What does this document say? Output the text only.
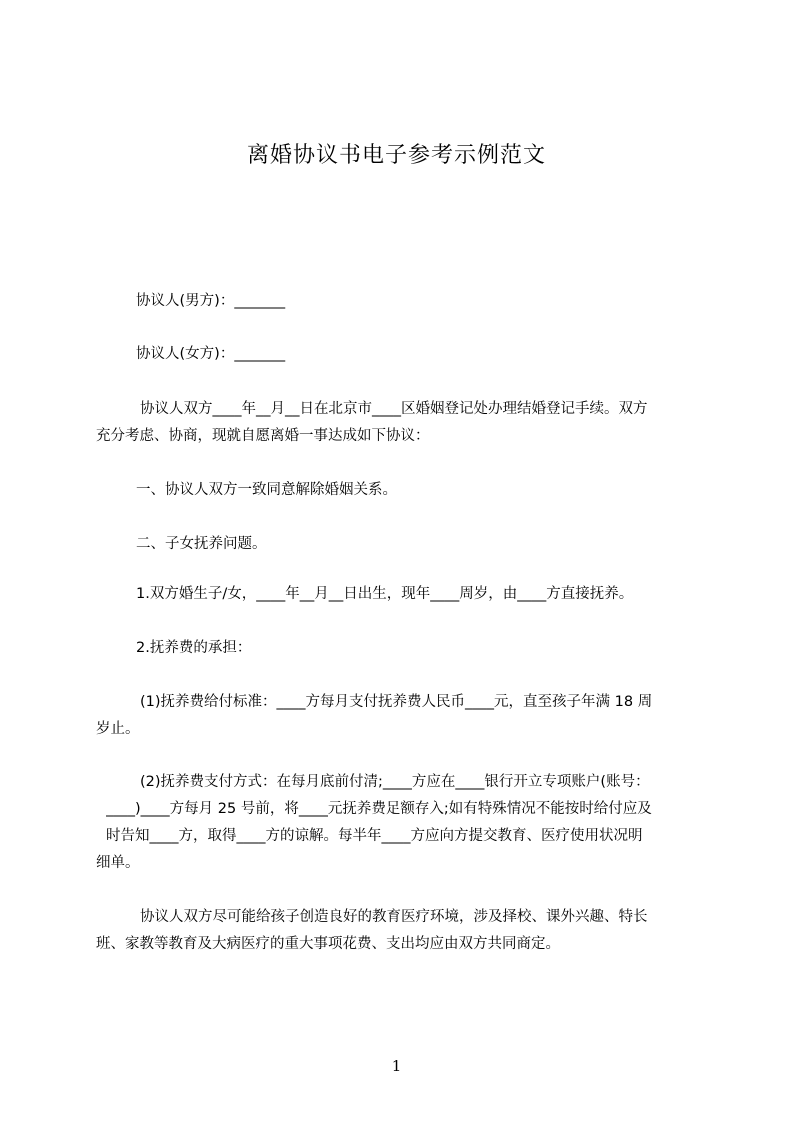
离婚协议书电子参考示例范文
协议人(男方)：_______
协议人(女方)：_______
协议人双方____年__月__日在北京市____区婚姻登记处办理结婚登记手续。双方
充分考虑、协商，现就自愿离婚一事达成如下协议：
一、协议人双方一致同意解除婚姻关系。
二、子女抚养问题。
1.双方婚生子/女，____年__月__日出生，现年____周岁，由____方直接抚养。
2.抚养费的承担：
(1)抚养费给付标准：____方每月支付抚养费人民币____元，直至孩子年满 18 周
岁止。
(2)抚养费支付方式：在每月底前付清;____方应在____银行开立专项账户(账号：
____)____方每月 25 号前，将____元抚养费足额存入;如有特殊情况不能按时给付应及
时告知____方，取得____方的谅解。每半年____方应向方提交教育、医疗使用状况明
细单。
协议人双方尽可能给孩子创造良好的教育医疗环境，涉及择校、课外兴趣、特长
班、家教等教育及大病医疗的重大事项花费、支出均应由双方共同商定。
1
